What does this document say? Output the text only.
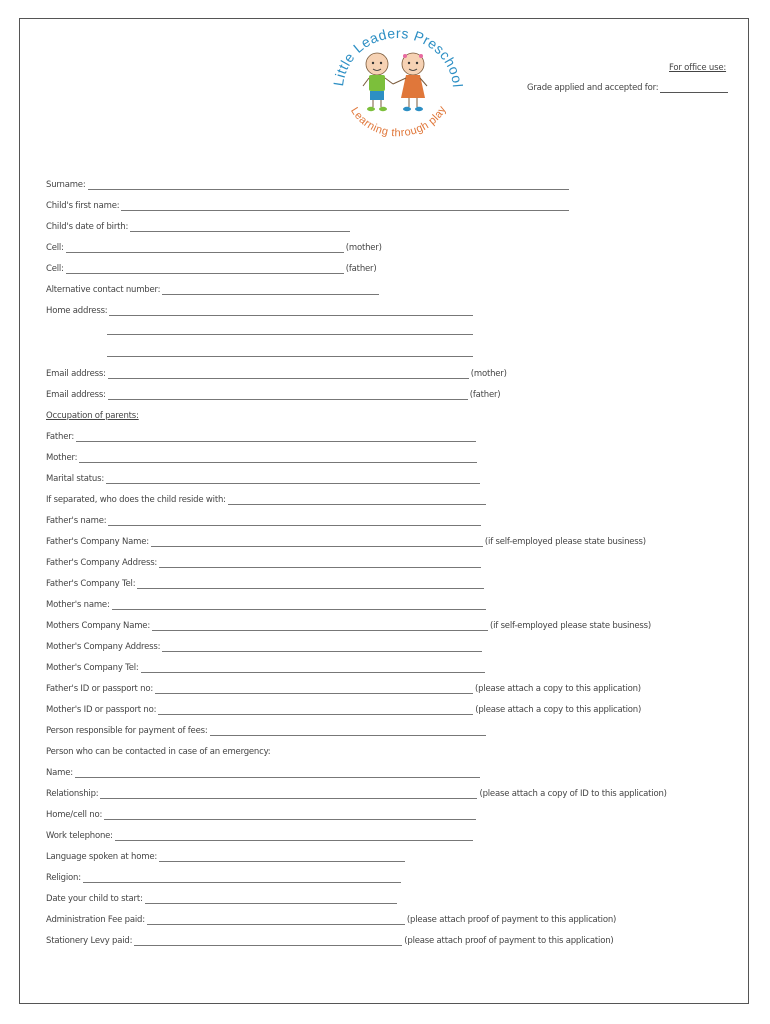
Little Leaders Preschool
Learning through play
For office use:
Grade applied and accepted for:
Surname:
Child's first name:
Child's date of birth:
Cell:	(mother)
Cell:	(father)
Alternative contact number:
Home address:
Email address:	(mother)
Email address:	(father)
Occupation of parents:
Father:
Mother:
Marital status:
If separated, who does the child reside with:
Father's name:
Father's Company Name:	(if self-employed please state business)
Father's Company Address:
Father's Company Tel:
Mother's name:
Mothers Company Name:	(if self-employed please state business)
Mother's Company Address:
Mother's Company Tel:
Father's ID or passport no:	(please attach a copy to this application)
Mother's ID or passport no:	(please attach a copy to this application)
Person responsible for payment of fees:
Person who can be contacted in case of an emergency:
Name:
Relationship:	(please attach a copy of ID to this application)
Home/cell no:
Work telephone:
Language spoken at home:
Religion:
Date your child to start:
Administration Fee paid:	(please attach proof of payment to this application)
Stationery Levy paid:	(please attach proof of payment to this application)
